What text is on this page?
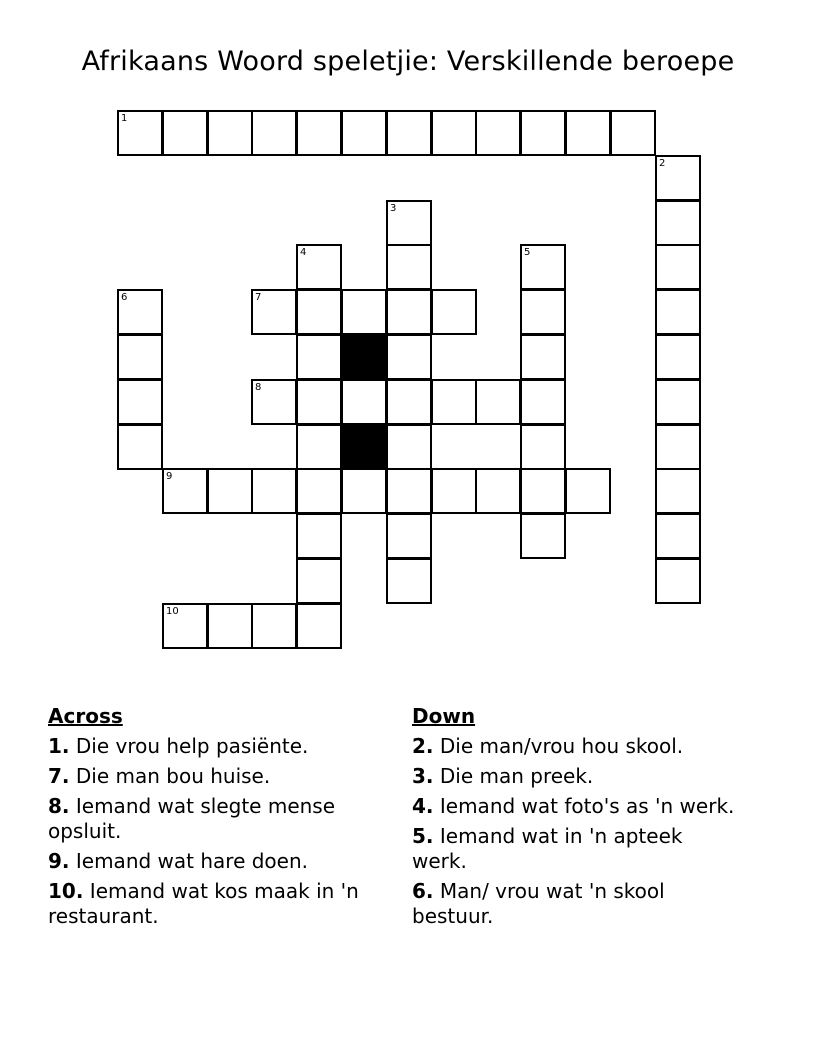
Afrikaans Woord speletjie: Verskillende beroepe
1
2
3
4	5
6	7
8
9
10
Across
1. Die vrou help pasiënte.
7. Die man bou huise.
8. Iemand wat slegte mense opsluit.
9. Iemand wat hare doen.
10. Iemand wat kos maak in 'n restaurant.
Down
2. Die man/vrou hou skool.
3. Die man preek.
4. Iemand wat foto's as 'n werk.
5. Iemand wat in 'n apteek werk.
6. Man/ vrou wat 'n skool bestuur.
